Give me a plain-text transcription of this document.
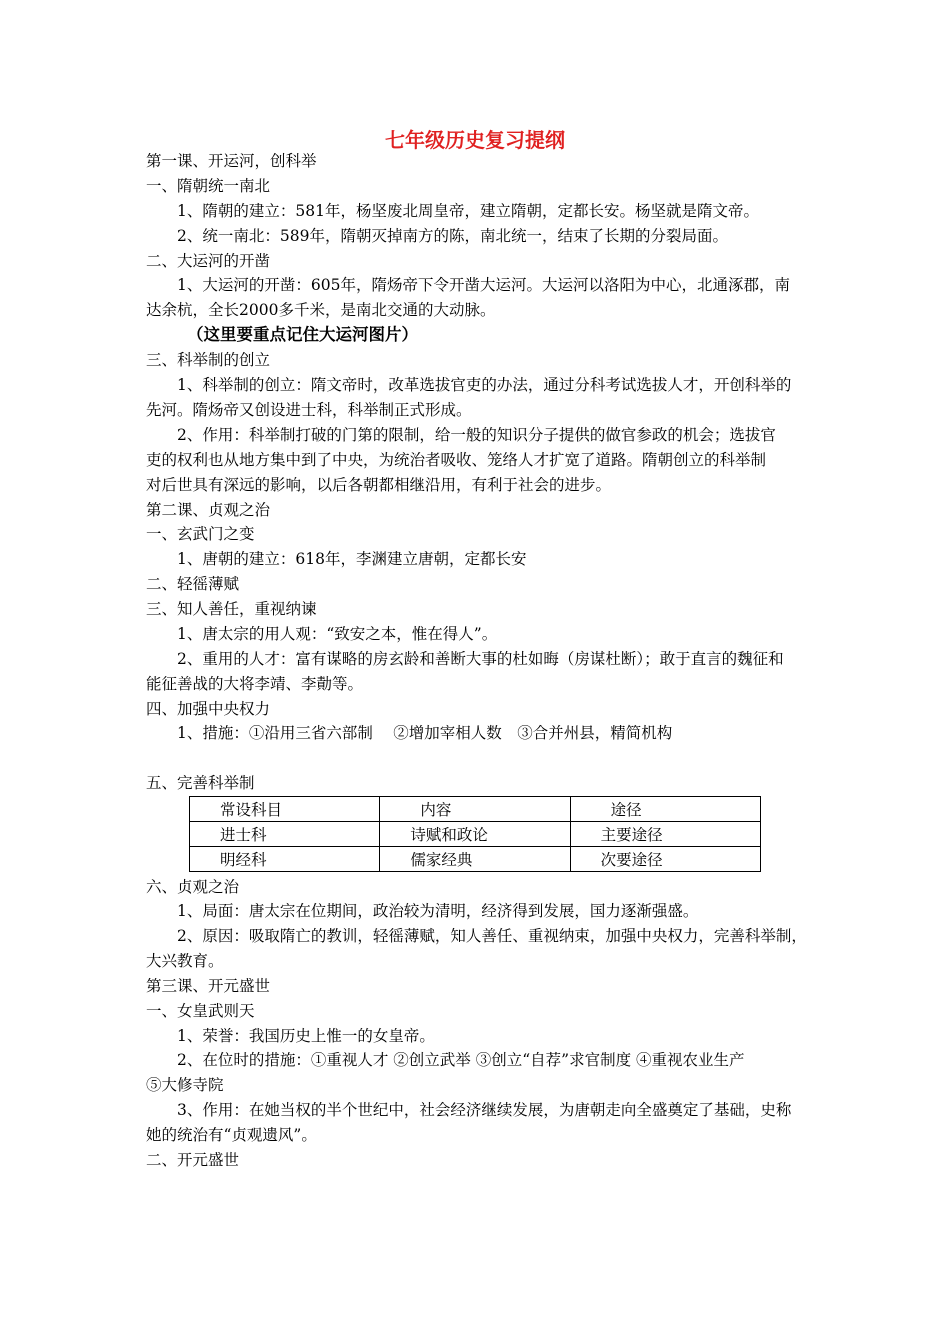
七年级历史复习提纲
第一课、开运河，创科举
一、隋朝统一南北
1、隋朝的建立：581年，杨坚废北周皇帝，建立隋朝，定都长安。杨坚就是隋文帝。
2、统一南北：589年，隋朝灭掉南方的陈，南北统一，结束了长期的分裂局面。
二、大运河的开凿
1、大运河的开凿：605年，隋炀帝下令开凿大运河。大运河以洛阳为中心，北通涿郡，南
达余杭，全长2000多千米，是南北交通的大动脉。
（这里要重点记住大运河图片）
三、科举制的创立
1、科举制的创立：隋文帝时，改革选拔官吏的办法，通过分科考试选拔人才，开创科举的
先河。隋炀帝又创设进士科，科举制正式形成。
2、作用：科举制打破的门第的限制，给一般的知识分子提供的做官参政的机会；选拔官
吏的权利也从地方集中到了中央，为统治者吸收、笼络人才扩宽了道路。隋朝创立的科举制
对后世具有深远的影响，以后各朝都相继沿用，有利于社会的进步。
第二课、贞观之治
一、玄武门之变
1、唐朝的建立：618年，李渊建立唐朝，定都长安
二、轻徭薄赋
三、知人善任，重视纳谏
1、唐太宗的用人观：“致安之本，惟在得人”。
2、重用的人才：富有谋略的房玄龄和善断大事的杜如晦（房谋杜断）；敢于直言的魏征和
能征善战的大将李靖、李勣等。
四、加强中央权力
1、措施：①沿用三省六部制　 ②增加宰相人数　③合并州县，精简机构
五、完善科举制
常设科目	内容	途径
进士科	诗赋和政论	主要途径
明经科	儒家经典	次要途径
六、贞观之治
1、局面：唐太宗在位期间，政治较为清明，经济得到发展，国力逐渐强盛。
2、原因：吸取隋亡的教训，轻徭薄赋，知人善任、重视纳束，加强中央权力，完善科举制，
大兴教育。
第三课、开元盛世
一、女皇武则天
1、荣誉：我国历史上惟一的女皇帝。
2、在位时的措施：①重视人才 ②创立武举 ③创立“自荐”求官制度 ④重视农业生产
⑤大修寺院
3、作用：在她当权的半个世纪中，社会经济继续发展，为唐朝走向全盛奠定了基础，史称
她的统治有“贞观遗风”。
二、开元盛世
